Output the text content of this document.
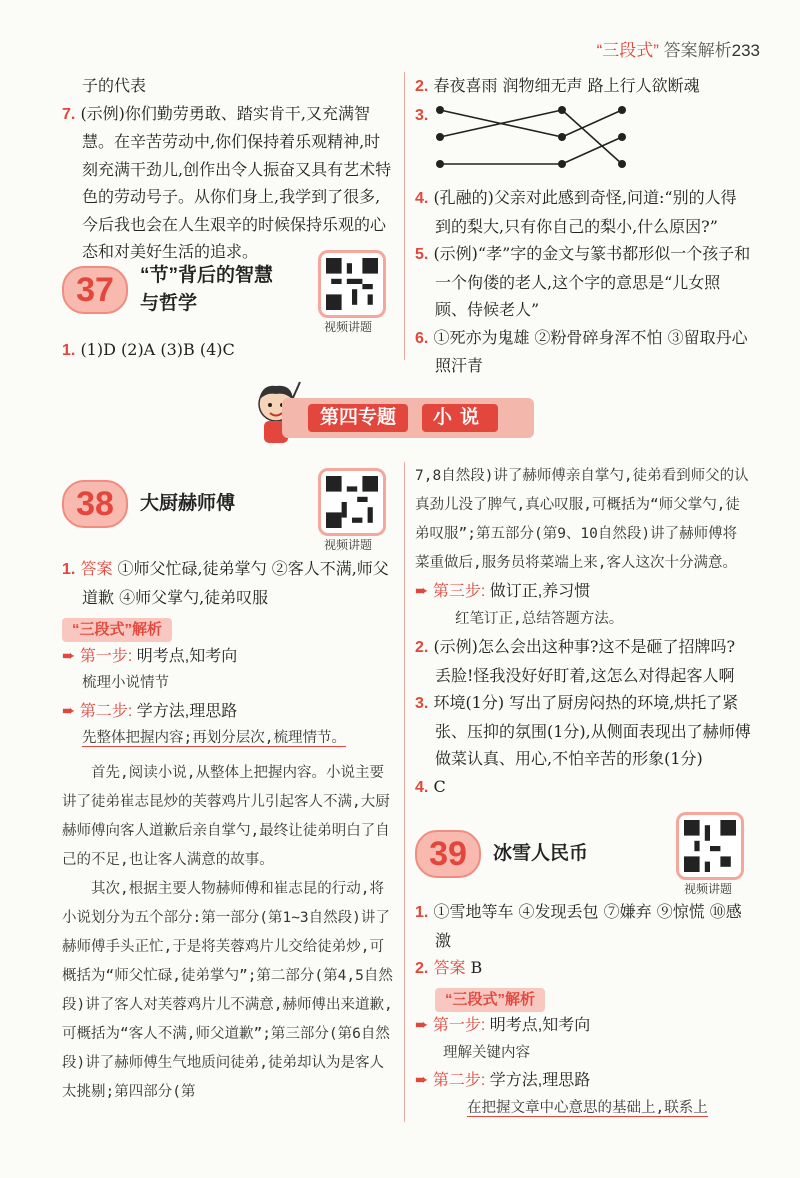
“三段式” 答案解析233
子的代表
7. (示例)你们勤劳勇敢、踏实肯干,又充满智慧。在辛苦劳动中,你们保持着乐观精神,时刻充满干劲儿,创作出令人振奋又具有艺术特色的劳动号子。从你们身上,我学到了很多,今后我也会在人生艰辛的时候保持乐观的心态和对美好生活的追求。
37	“节”背后的智慧
与哲学
视频讲题
1. (1)D (2)A (3)B (4)C
2. 春夜喜雨 润物细无声 路上行人欲断魂
3.
4. (孔融的)父亲对此感到奇怪,问道:“别的人得到的梨大,只有你自己的梨小,什么原因?”
5. (示例)“孝”字的金文与篆书都形似一个孩子和一个佝偻的老人,这个字的意思是“儿女照顾、侍候老人”
6. ①死亦为鬼雄 ②粉骨碎身浑不怕 ③留取丹心照汗青
第四专题	小说
38	大厨赫师傅
视频讲题
1. 答案 ①师父忙碌,徒弟掌勺 ②客人不满,师父道歉 ④师父掌勺,徒弟叹服
“三段式”解析
➨ 第一步: 明考点,知考向
梳理小说情节
➨ 第二步: 学方法,理思路
先整体把握内容;再划分层次,梳理情节。
首先,阅读小说,从整体上把握内容。小说主要讲了徒弟崔志昆炒的芙蓉鸡片儿引起客人不满,大厨赫师傅向客人道歉后亲自掌勺,最终让徒弟明白了自己的不足,也让客人满意的故事。
其次,根据主要人物赫师傅和崔志昆的行动,将小说划分为五个部分:第一部分(第1~3自然段)讲了赫师傅手头正忙,于是将芙蓉鸡片儿交给徒弟炒,可概括为“师父忙碌,徒弟掌勺”;第二部分(第4,5自然段)讲了客人对芙蓉鸡片儿不满意,赫师傅出来道歉,可概括为“客人不满,师父道歉”;第三部分(第6自然段)讲了赫师傅生气地质问徒弟,徒弟却认为是客人太挑剔;第四部分(第
7,8自然段)讲了赫师傅亲自掌勺,徒弟看到师父的认真劲儿没了脾气,真心叹服,可概括为“师父掌勺,徒弟叹服”;第五部分(第9、10自然段)讲了赫师傅将菜重做后,服务员将菜端上来,客人这次十分满意。
➨ 第三步: 做订正,养习惯
红笔订正,总结答题方法。
2. (示例)怎么会出这种事?这不是砸了招牌吗?丢脸!怪我没好好盯着,这怎么对得起客人啊
3. 环境(1分) 写出了厨房闷热的环境,烘托了紧张、压抑的氛围(1分),从侧面表现出了赫师傅做菜认真、用心,不怕辛苦的形象(1分)
4. C
39	冰雪人民币
视频讲题
1. ①雪地等车 ④发现丢包 ⑦嫌弃 ⑨惊慌 ⑩感激
2. 答案 B
“三段式”解析
➨ 第一步: 明考点,知考向
理解关键内容
➨ 第二步: 学方法,理思路
在把握文章中心意思的基础上,联系上
